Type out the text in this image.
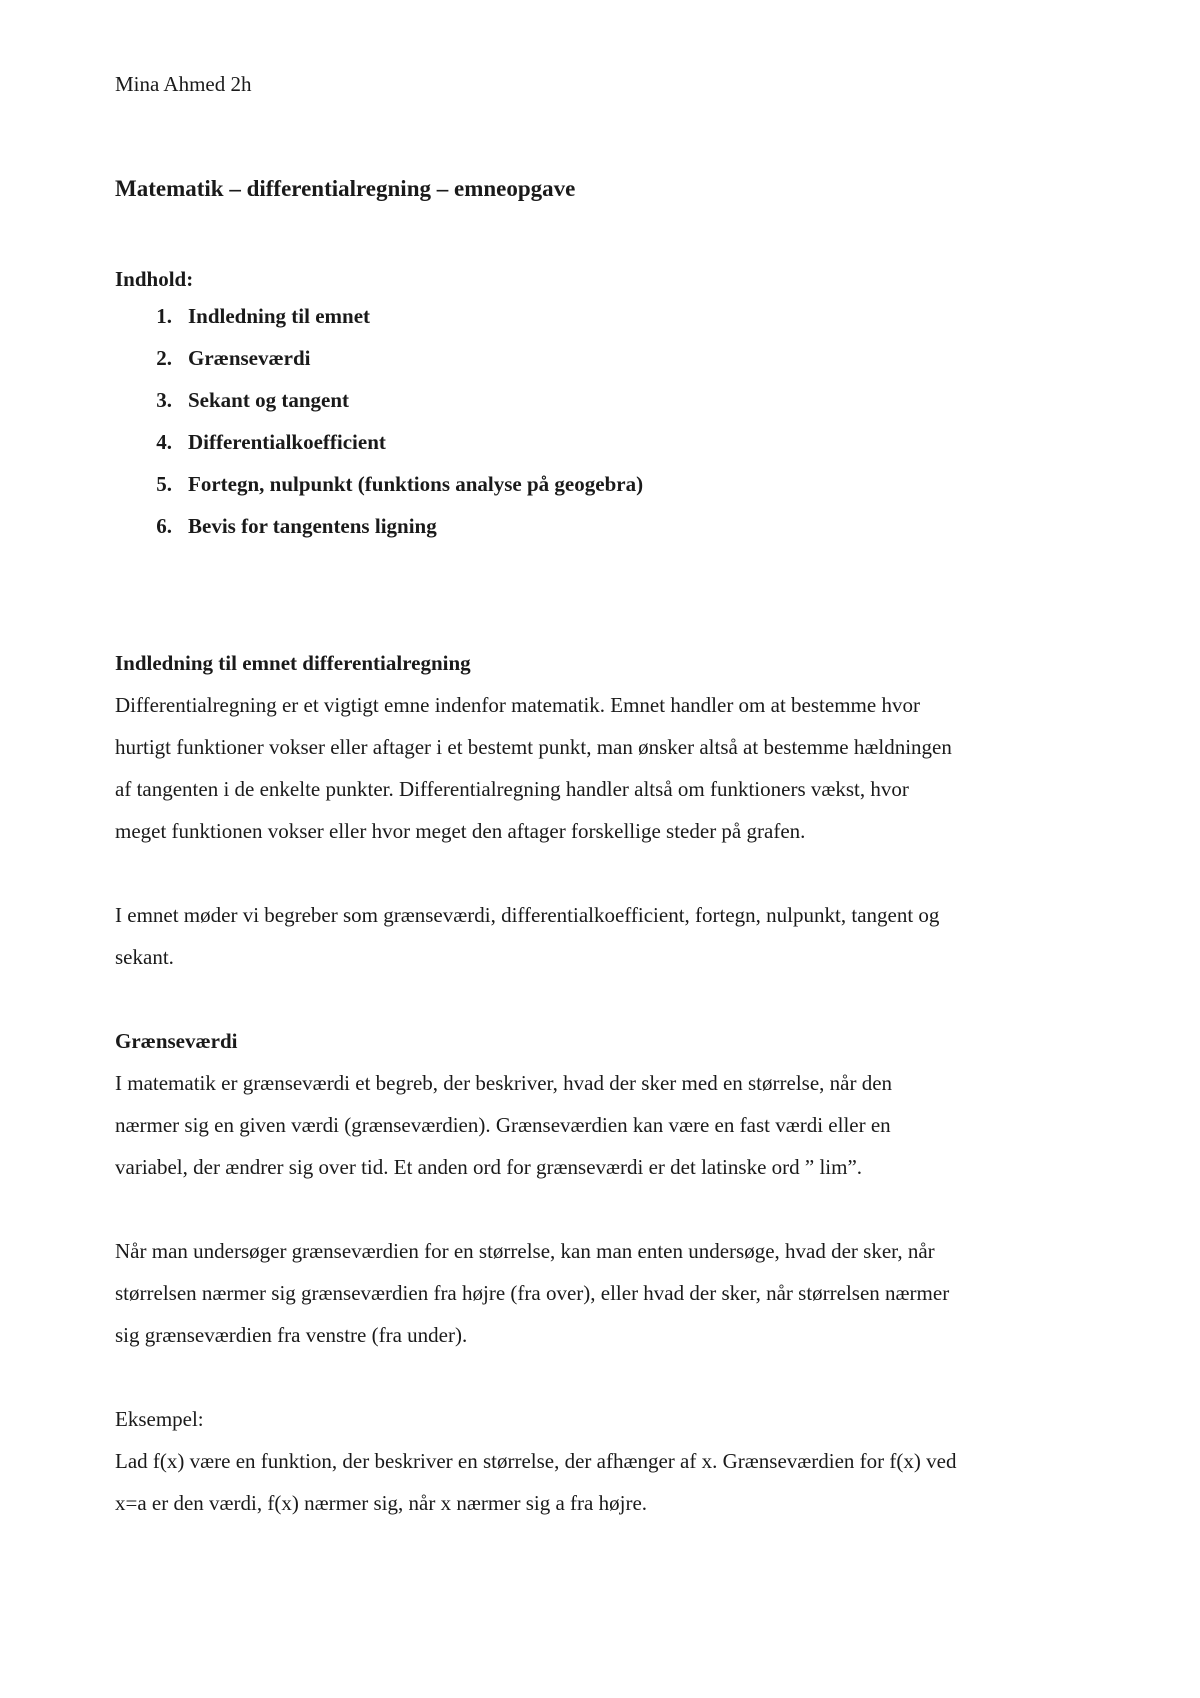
Mina Ahmed 2h
Matematik – differentialregning – emneopgave
Indhold:
1. Indledning til emnet
2. Grænseværdi
3. Sekant og tangent
4. Differentialkoefficient
5. Fortegn, nulpunkt (funktions analyse på geogebra)
6. Bevis for tangentens ligning
Indledning til emnet differentialregning

Differentialregning er et vigtigt emne indenfor matematik. Emnet handler om at bestemme hvor
hurtigt funktioner vokser eller aftager i et bestemt punkt, man ønsker altså at bestemme hældningen
af tangenten i de enkelte punkter. Differentialregning handler altså om funktioners vækst, hvor
meget funktionen vokser eller hvor meget den aftager forskellige steder på grafen.

I emnet møder vi begreber som grænseværdi, differentialkoefficient, fortegn, nulpunkt, tangent og
sekant.

Grænseværdi

I matematik er grænseværdi et begreb, der beskriver, hvad der sker med en størrelse, når den
nærmer sig en given værdi (grænseværdien). Grænseværdien kan være en fast værdi eller en
variabel, der ændrer sig over tid. Et anden ord for grænseværdi er det latinske ord ” lim”.

Når man undersøger grænseværdien for en størrelse, kan man enten undersøge, hvad der sker, når
størrelsen nærmer sig grænseværdien fra højre (fra over), eller hvad der sker, når størrelsen nærmer
sig grænseværdien fra venstre (fra under).

Eksempel:

Lad f(x) være en funktion, der beskriver en størrelse, der afhænger af x. Grænseværdien for f(x) ved
x=a er den værdi, f(x) nærmer sig, når x nærmer sig a fra højre.
